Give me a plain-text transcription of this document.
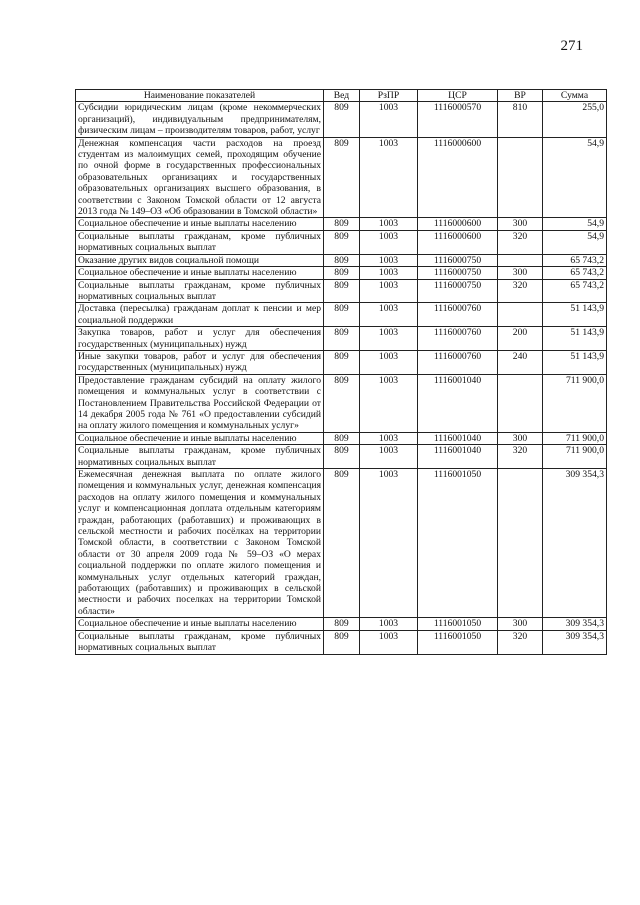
271
Наименование показателей	Вед	РзПР	ЦСР	ВР	Сумма
Субсидии юридическим лицам (кроме некоммерческих организаций), индивидуальным предпринимателям, физическим лицам – производителям товаров, работ, услуг	809	1003	1116000570	810	255,0
Денежная компенсация части расходов на проезд студентам из малоимущих семей, проходящим обучение по очной форме в государственных профессиональных образовательных организациях и государственных образовательных организациях высшего образования, в соответствии с Законом Томской области от 12 августа 2013 года № 149–ОЗ «Об образовании в Томской области»	809	1003	1116000600		54,9
Социальное обеспечение и иные выплаты населению	809	1003	1116000600	300	54,9
Социальные выплаты гражданам, кроме публичных нормативных социальных выплат	809	1003	1116000600	320	54,9
Оказание других видов социальной помощи	809	1003	1116000750		65 743,2
Социальное обеспечение и иные выплаты населению	809	1003	1116000750	300	65 743,2
Социальные выплаты гражданам, кроме публичных нормативных социальных выплат	809	1003	1116000750	320	65 743,2
Доставка (пересылка) гражданам доплат к пенсии и мер социальной поддержки	809	1003	1116000760		51 143,9
Закупка товаров, работ и услуг для обеспечения государственных (муниципальных) нужд	809	1003	1116000760	200	51 143,9
Иные закупки товаров, работ и услуг для обеспечения государственных (муниципальных) нужд	809	1003	1116000760	240	51 143,9
Предоставление гражданам субсидий на оплату жилого помещения и коммунальных услуг в соответствии с Постановлением Правительства Российской Федерации от 14 декабря 2005 года № 761 «О предоставлении субсидий на оплату жилого помещения и коммунальных услуг»	809	1003	1116001040		711 900,0
Социальное обеспечение и иные выплаты населению	809	1003	1116001040	300	711 900,0
Социальные выплаты гражданам, кроме публичных нормативных социальных выплат	809	1003	1116001040	320	711 900,0
Ежемесячная денежная выплата по оплате жилого помещения и коммунальных услуг, денежная компенсация расходов на оплату жилого помещения и коммунальных услуг и компенсационная доплата отдельным категориям граждан, работающих (работавших) и проживающих в сельской местности и рабочих посёлках на территории Томской области, в соответствии с Законом Томской области от 30 апреля 2009 года № 59–ОЗ «О мерах социальной поддержки по оплате жилого помещения и коммунальных услуг отдельных категорий граждан, работающих (работавших) и проживающих в сельской местности и рабочих поселках на территории Томской области»	809	1003	1116001050		309 354,3
Социальное обеспечение и иные выплаты населению	809	1003	1116001050	300	309 354,3
Социальные выплаты гражданам, кроме публичных нормативных социальных выплат	809	1003	1116001050	320	309 354,3
